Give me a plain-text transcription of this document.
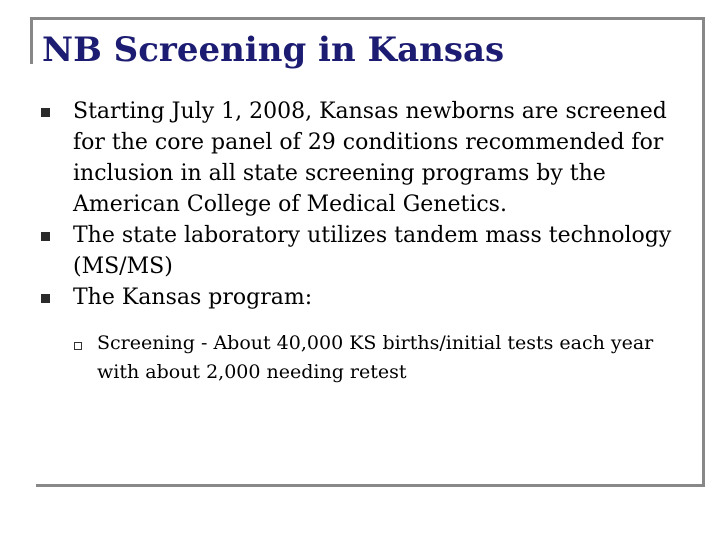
NB Screening in Kansas
Starting July 1, 2008, Kansas newborns are screened for the core panel of 29 conditions recommended for inclusion in all state screening programs by the American College of Medical Genetics.
The state laboratory utilizes tandem mass technology (MS/MS)
The Kansas program:
Screening - About 40,000 KS births/initial tests each year with about 2,000 needing retest
